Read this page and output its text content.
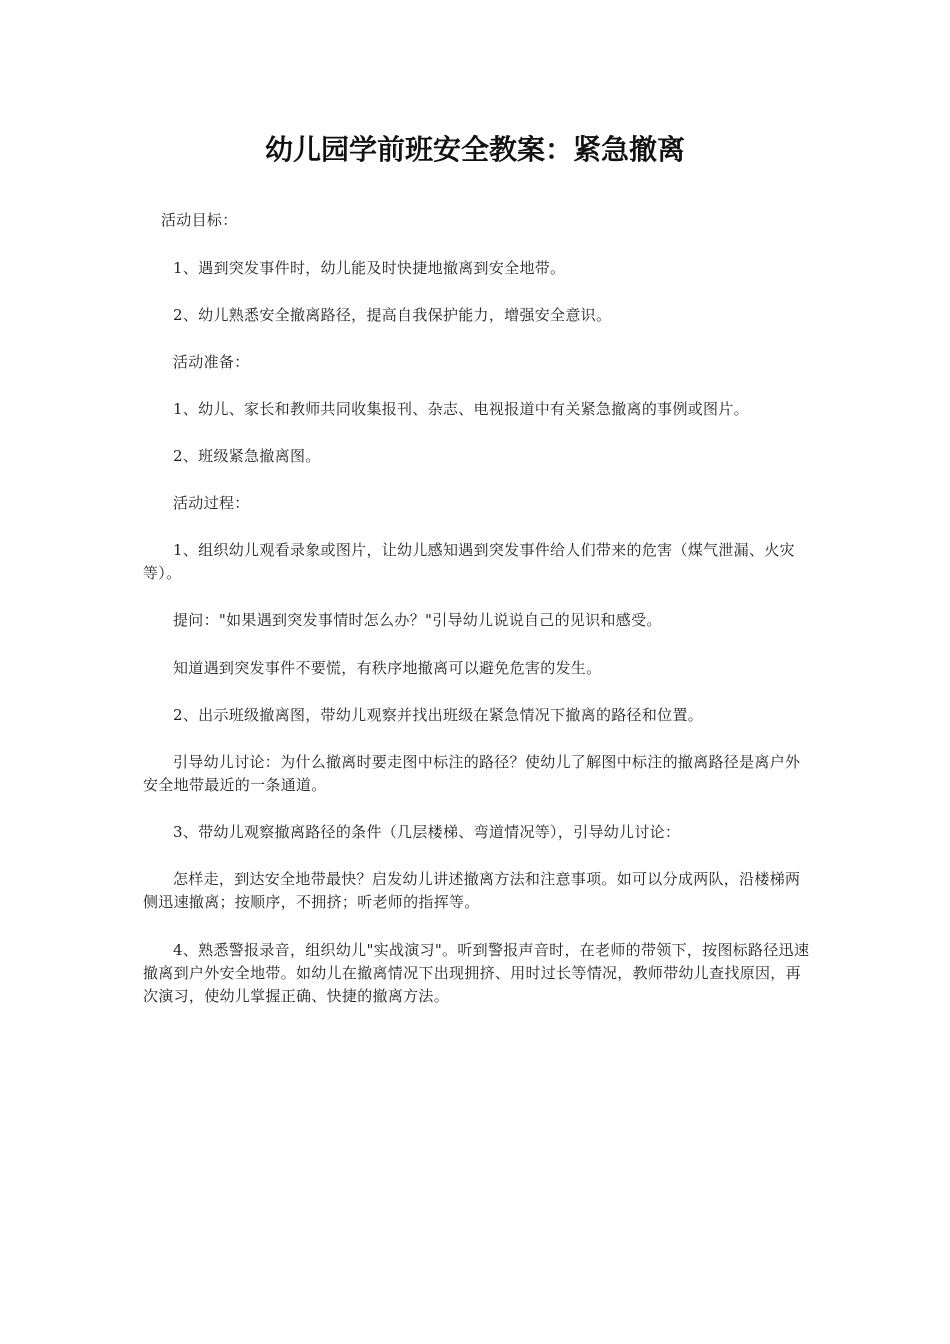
幼儿园学前班安全教案：紧急撤离

活动目标：

1、遇到突发事件时，幼儿能及时快捷地撤离到安全地带。

2、幼儿熟悉安全撤离路径，提高自我保护能力，增强安全意识。

活动准备：

1、幼儿、家长和教师共同收集报刊、杂志、电视报道中有关紧急撤离的事例或图片。

2、班级紧急撤离图。

活动过程：

1、组织幼儿观看录象或图片，让幼儿感知遇到突发事件给人们带来的危害（煤气泄漏、火灾等）。

提问："如果遇到突发事情时怎么办？"引导幼儿说说自己的见识和感受。

知道遇到突发事件不要慌，有秩序地撤离可以避免危害的发生。

2、出示班级撤离图，带幼儿观察并找出班级在紧急情况下撤离的路径和位置。

引导幼儿讨论：为什么撤离时要走图中标注的路径？使幼儿了解图中标注的撤离路径是离户外安全地带最近的一条通道。

3、带幼儿观察撤离路径的条件（几层楼梯、弯道情况等），引导幼儿讨论：

怎样走，到达安全地带最快？启发幼儿讲述撤离方法和注意事项。如可以分成两队，沿楼梯两侧迅速撤离；按顺序，不拥挤；听老师的指挥等。

4、熟悉警报录音，组织幼儿"实战演习"。听到警报声音时，在老师的带领下，按图标路径迅速撤离到户外安全地带。如幼儿在撤离情况下出现拥挤、用时过长等情况，教师带幼儿查找原因，再次演习，使幼儿掌握正确、快捷的撤离方法。
